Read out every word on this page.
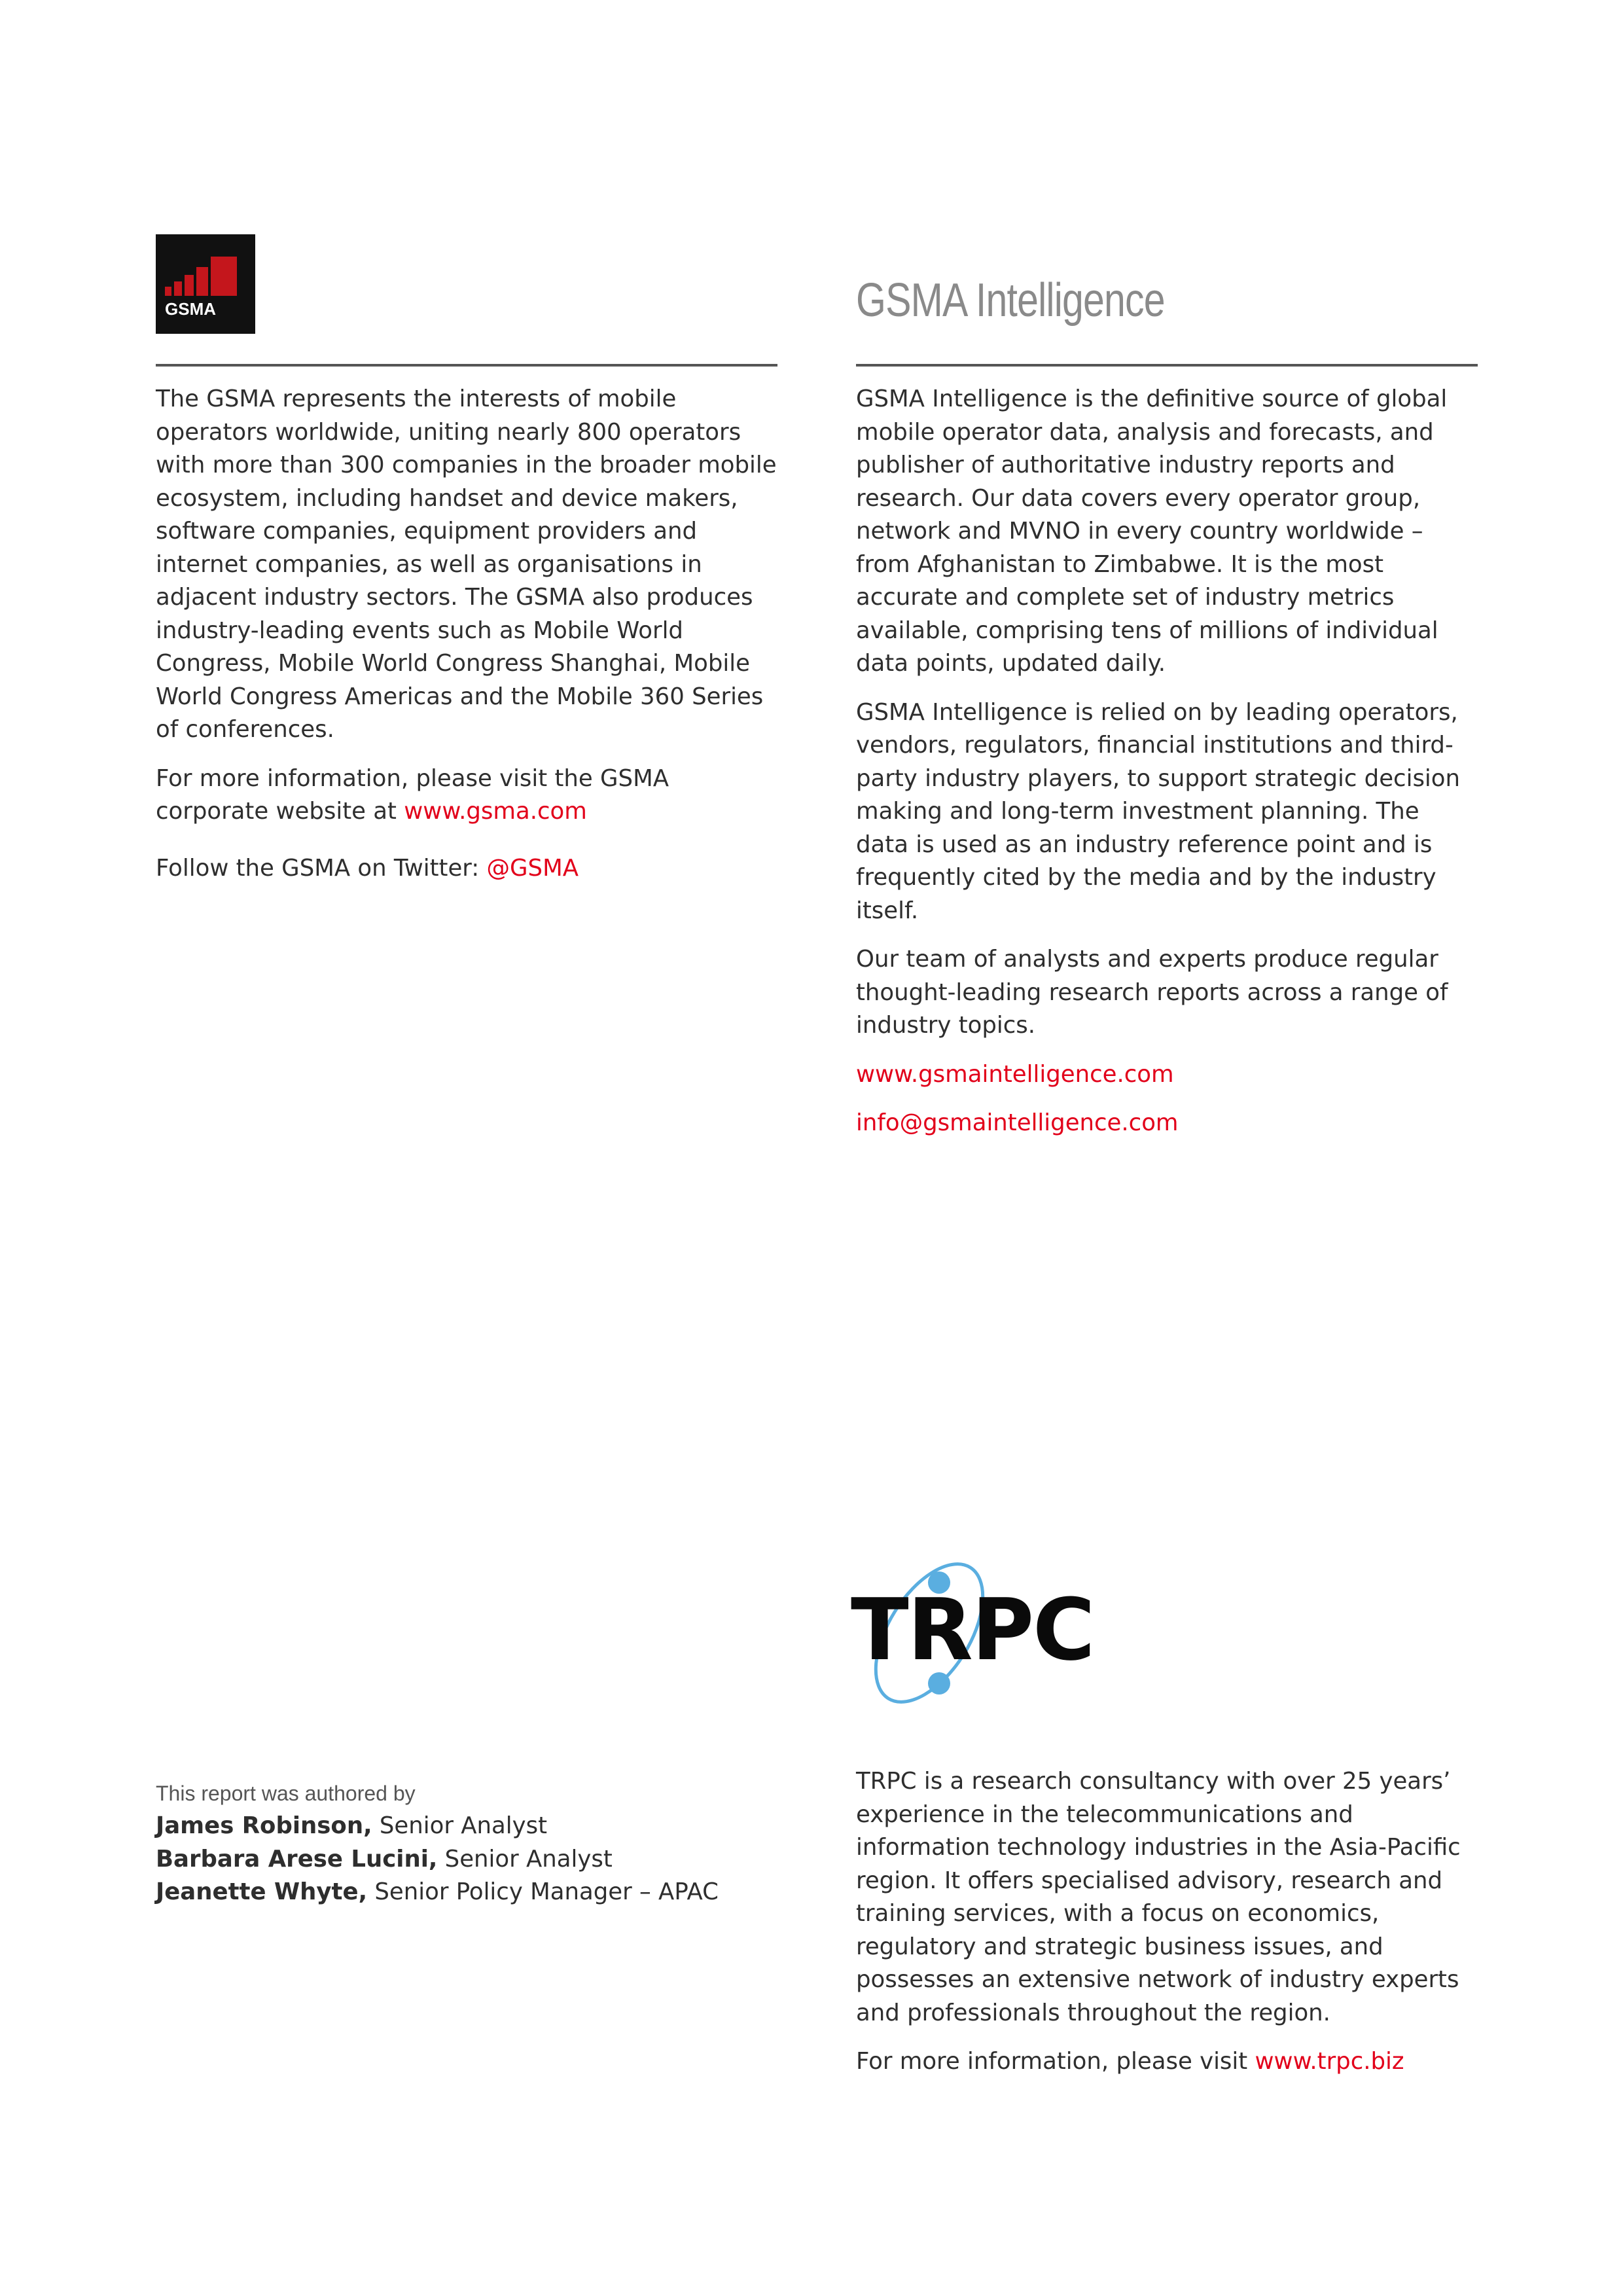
GSMA	GSMA Intelligence

The GSMA represents the interests of mobile operators worldwide, uniting nearly 800 operators with more than 300 companies in the broader mobile ecosystem, including handset and device makers, software companies, equipment providers and internet companies, as well as organisations in adjacent industry sectors. The GSMA also produces industry-leading events such as Mobile World Congress, Mobile World Congress Shanghai, Mobile World Congress Americas and the Mobile 360 Series of conferences.

For more information, please visit the GSMA corporate website at www.gsma.com

Follow the GSMA on Twitter: @GSMA

GSMA Intelligence is the definitive source of global mobile operator data, analysis and forecasts, and publisher of authoritative industry reports and research. Our data covers every operator group, network and MVNO in every country worldwide – from Afghanistan to Zimbabwe. It is the most accurate and complete set of industry metrics available, comprising tens of millions of individual data points, updated daily.

GSMA Intelligence is relied on by leading operators, vendors, regulators, financial institutions and third-party industry players, to support strategic decision making and long-term investment planning. The data is used as an industry reference point and is frequently cited by the media and by the industry itself.

Our team of analysts and experts produce regular thought-leading research reports across a range of industry topics.

www.gsmaintelligence.com

info@gsmaintelligence.com

TRPC
This report was authored by
James Robinson, Senior Analyst
Barbara Arese Lucini, Senior Analyst
Jeanette Whyte, Senior Policy Manager – APAC

TRPC is a research consultancy with over 25 years’ experience in the telecommunications and information technology industries in the Asia-Pacific region. It offers specialised advisory, research and training services, with a focus on economics, regulatory and strategic business issues, and possesses an extensive network of industry experts and professionals throughout the region.

For more information, please visit www.trpc.biz
